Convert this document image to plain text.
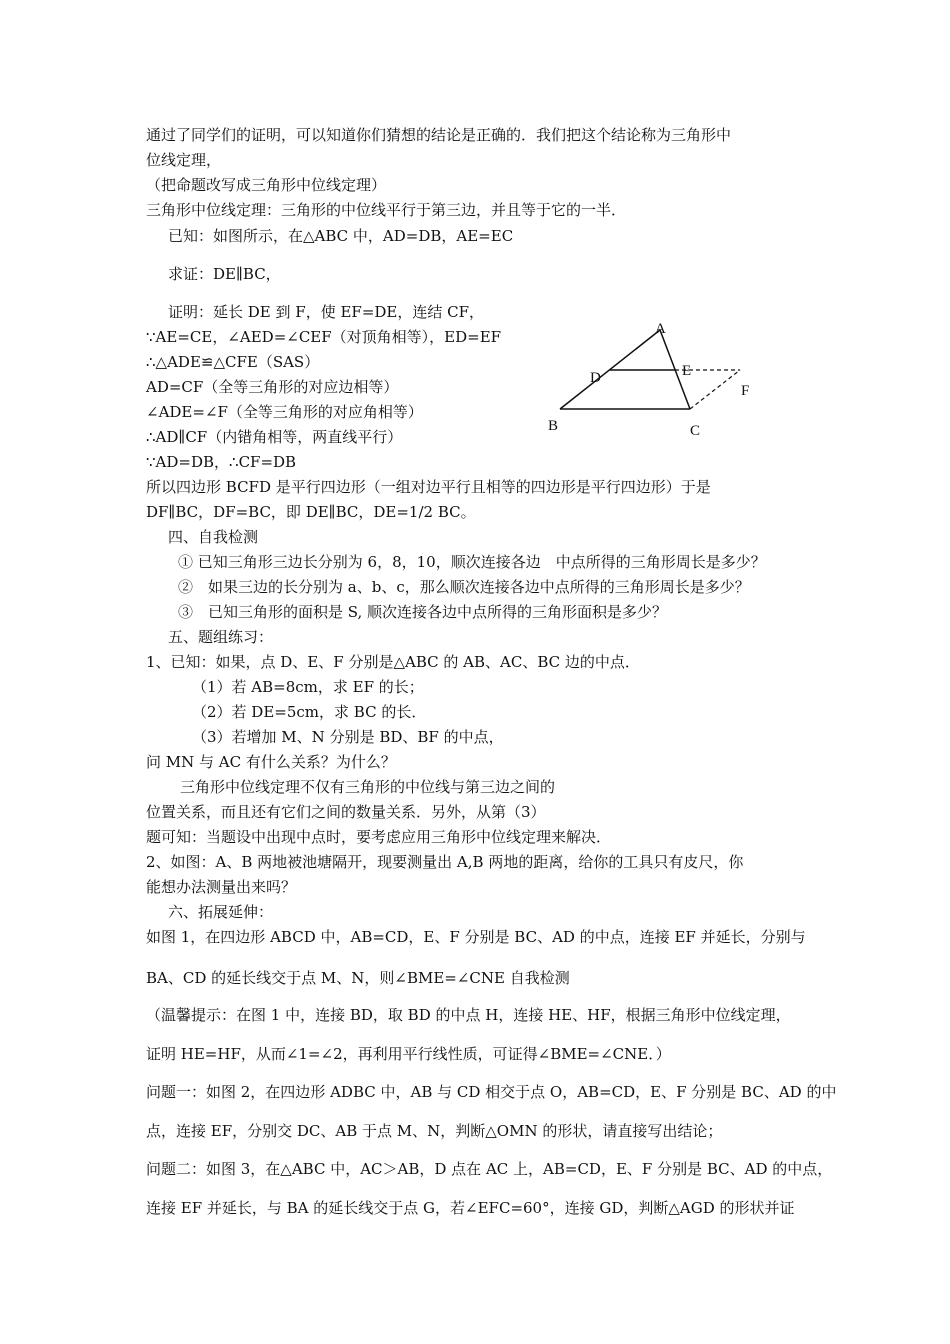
通过了同学们的证明，可以知道你们猜想的结论是正确的．我们把这个结论称为三角形中

位线定理，

（把命题改写成三角形中位线定理）

三角形中位线定理：三角形的中位线平行于第三边，并且等于它的一半．

已知：如图所示，在△ABC 中，AD=DB，AE=EC

求证：DE∥BC，

证明：延长 DE 到 F，使 EF=DE，连结 CF，

∵AE=CE，∠AED=∠CEF（对顶角相等），ED=EF

∴△ADE≌△CFE（SAS）

AD=CF（全等三角形的对应边相等）

∠ADE=∠F（全等三角形的对应角相等）

∴AD∥CF（内错角相等，两直线平行）

∵AD=DB，∴CF=DB

所以四边形 BCFD 是平行四边形（一组对边平行且相等的四边形是平行四边形）于是

DF∥BC，DF=BC，即 DE∥BC，DE=1/2 BC。

四、自我检测

① 已知三角形三边长分别为 6，8，10，顺次连接各边　中点所得的三角形周长是多少？

②　如果三边的长分别为 a、b、c，那么顺次连接各边中点所得的三角形周长是多少？

③　已知三角形的面积是 S, 顺次连接各边中点所得的三角形面积是多少？

五、题组练习：

1、已知：如果，点 D、E、F 分别是△ABC 的 AB、AC、BC 边的中点．

（1）若 AB=8cm，求 EF 的长；

（2）若 DE=5cm，求 BC 的长．

（3）若增加 M、N 分别是 BD、BF 的中点，

问 MN 与 AC 有什么关系？为什么？

三角形中位线定理不仅有三角形的中位线与第三边之间的

位置关系，而且还有它们之间的数量关系．另外，从第（3）

题可知：当题设中出现中点时，要考虑应用三角形中位线定理来解决．

2、如图：A、B 两地被池塘隔开，现要测量出 A,B 两地的距离，给你的工具只有皮尺，你

能想办法测量出来吗？

六、拓展延伸：

如图 1，在四边形 ABCD 中，AB=CD，E、F 分别是 BC、AD 的中点，连接 EF 并延长，分别与

BA、CD 的延长线交于点 M、N，则∠BME=∠CNE 自我检测

（温馨提示：在图 1 中，连接 BD，取 BD 的中点 H，连接 HE、HF，根据三角形中位线定理，

证明 HE=HF，从而∠1=∠2，再利用平行线性质，可证得∠BME=∠CNE．）

问题一：如图 2，在四边形 ADBC 中，AB 与 CD 相交于点 O，AB=CD，E、F 分别是 BC、AD 的中

点，连接 EF，分别交 DC、AB 于点 M、N，判断△OMN 的形状，请直接写出结论；

问题二：如图 3，在△ABC 中，AC＞AB，D 点在 AC 上，AB=CD，E、F 分别是 BC、AD 的中点，

连接 EF 并延长，与 BA 的延长线交于点 G，若∠EFC=60°，连接 GD，判断△AGD 的形状并证

A
D	E
F
B	C
